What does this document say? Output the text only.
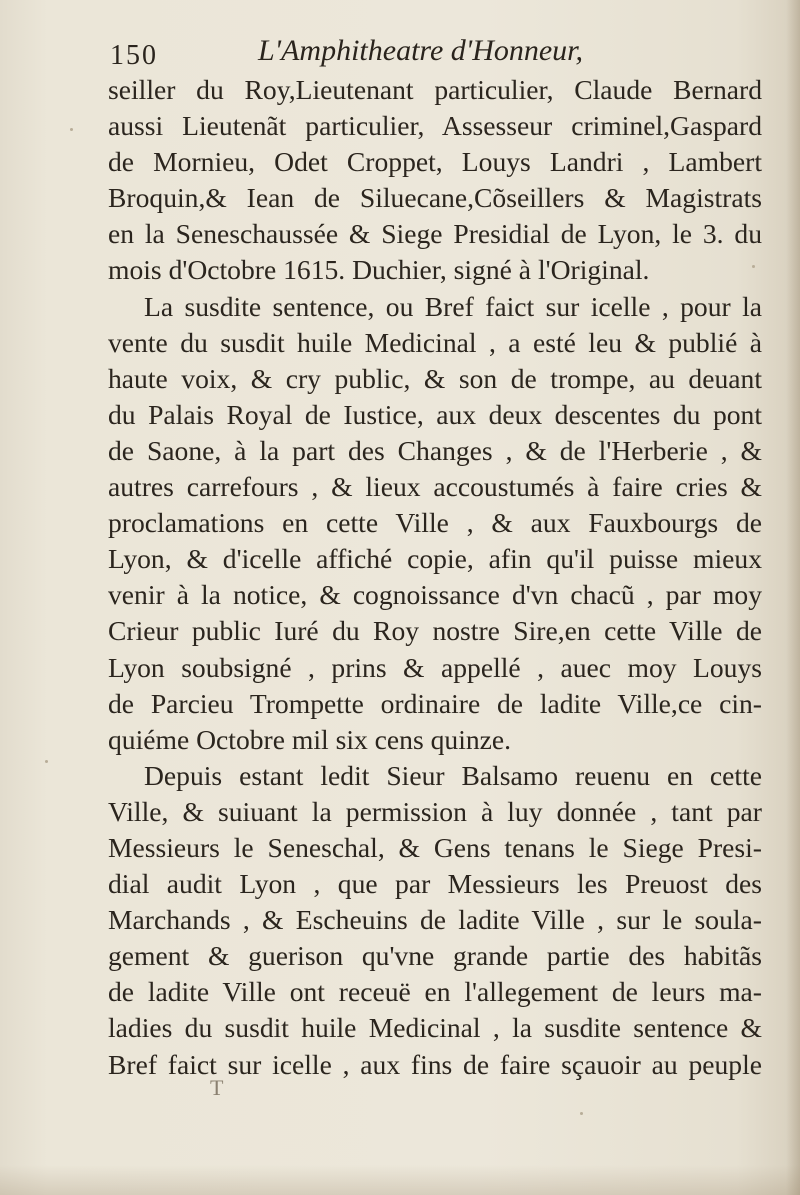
150	L'Amphitheatre d'Honneur,
seiller du Roy,Lieutenant particulier, Claude Bernard
aussi Lieutenãt particulier, Assesseur criminel,Gaspard
de Mornieu, Odet Croppet, Louys Landri , Lambert
Broquin,& Iean de Siluecane,Cõseillers & Magistrats
en la Seneschaussée & Siege Presidial de Lyon, le 3. du
mois d'Octobre 1615. Duchier, signé à l'Original.
La susdite sentence, ou Bref faict sur icelle , pour la
vente du susdit huile Medicinal , a esté leu & publié à
haute voix, & cry public, & son de trompe, au deuant
du Palais Royal de Iustice, aux deux descentes du pont
de Saone, à la part des Changes , & de l'Herberie , &
autres carrefours , & lieux accoustumés à faire cries &
proclamations en cette Ville , & aux Fauxbourgs de
Lyon, & d'icelle affiché copie, afin qu'il puisse mieux
venir à la notice, & cognoissance d'vn chacũ , par moy
Crieur public Iuré du Roy nostre Sire,en cette Ville de
Lyon soubsigné , prins & appellé , auec moy Louys
de Parcieu Trompette ordinaire de ladite Ville,ce cin-
quiéme Octobre mil six cens quinze.
Depuis estant ledit Sieur Balsamo reuenu en cette
Ville, & suiuant la permission à luy donnée , tant par
Messieurs le Seneschal, & Gens tenans le Siege Presi-
dial audit Lyon , que par Messieurs les Preuost des
Marchands , & Escheuins de ladite Ville , sur le soula-
gement & guerison qu'vne grande partie des habitãs
de ladite Ville ont receuë en l'allegement de leurs ma-
ladies du susdit huile Medicinal , la susdite sentence &
Bref faict sur icelle , aux fins de faire sçauoir au peuple
T
